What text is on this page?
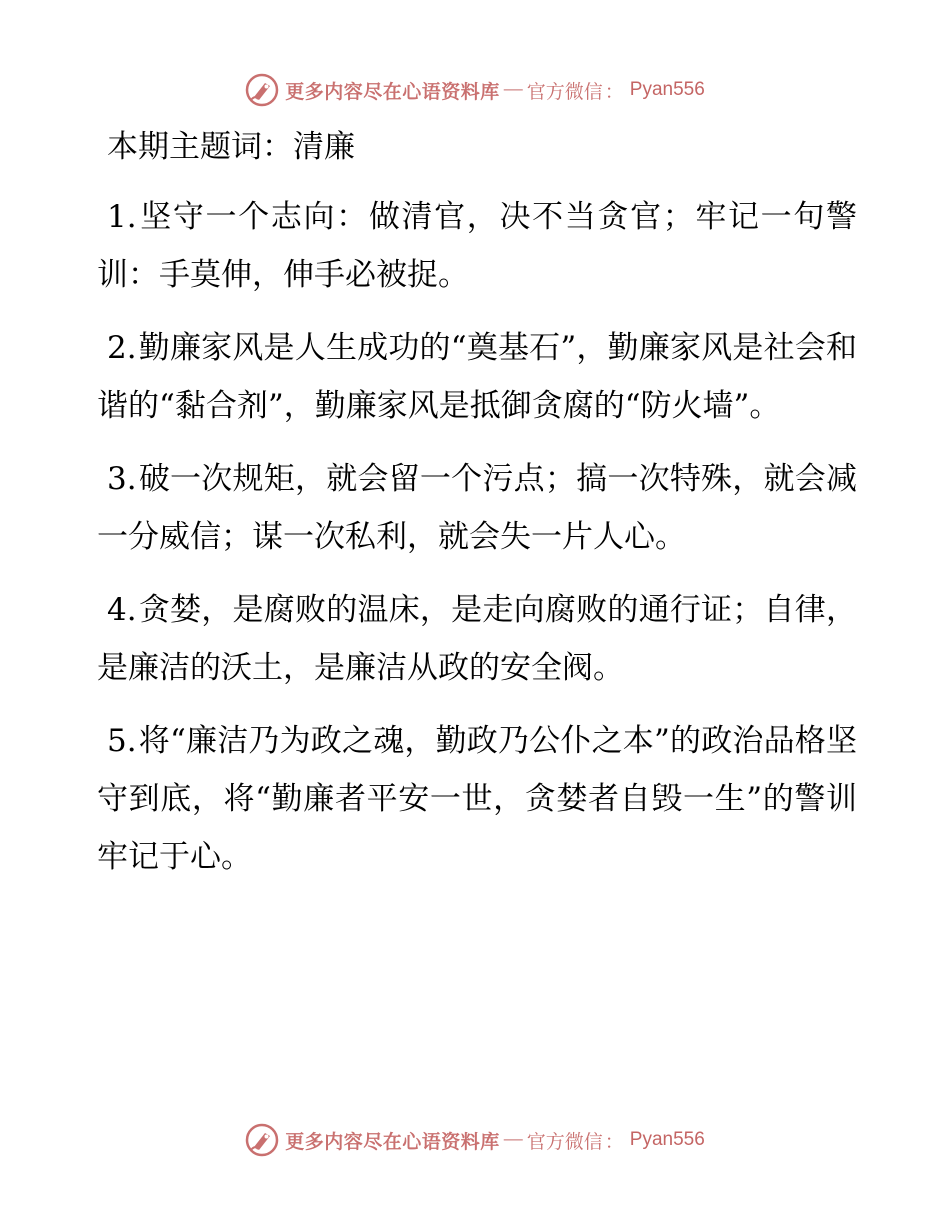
更多内容尽在心语资料库 — 官方微信 ： Pyan556
本期主题词：清廉
1.坚守一个志向：做清官，决不当贪官；牢记一句警训：手莫伸，伸手必被捉。
2.勤廉家风是人生成功的“奠基石”，勤廉家风是社会和谐的“黏合剂”，勤廉家风是抵御贪腐的“防火墙”。
3.破一次规矩，就会留一个污点；搞一次特殊，就会减一分威信；谋一次私利，就会失一片人心。
4.贪婪，是腐败的温床，是走向腐败的通行证；自律，是廉洁的沃土，是廉洁从政的安全阀。
5.将“廉洁乃为政之魂，勤政乃公仆之本”的政治品格坚守到底，将“勤廉者平安一世，贪婪者自毁一生”的警训牢记于心。
更多内容尽在心语资料库 — 官方微信 ： Pyan556
